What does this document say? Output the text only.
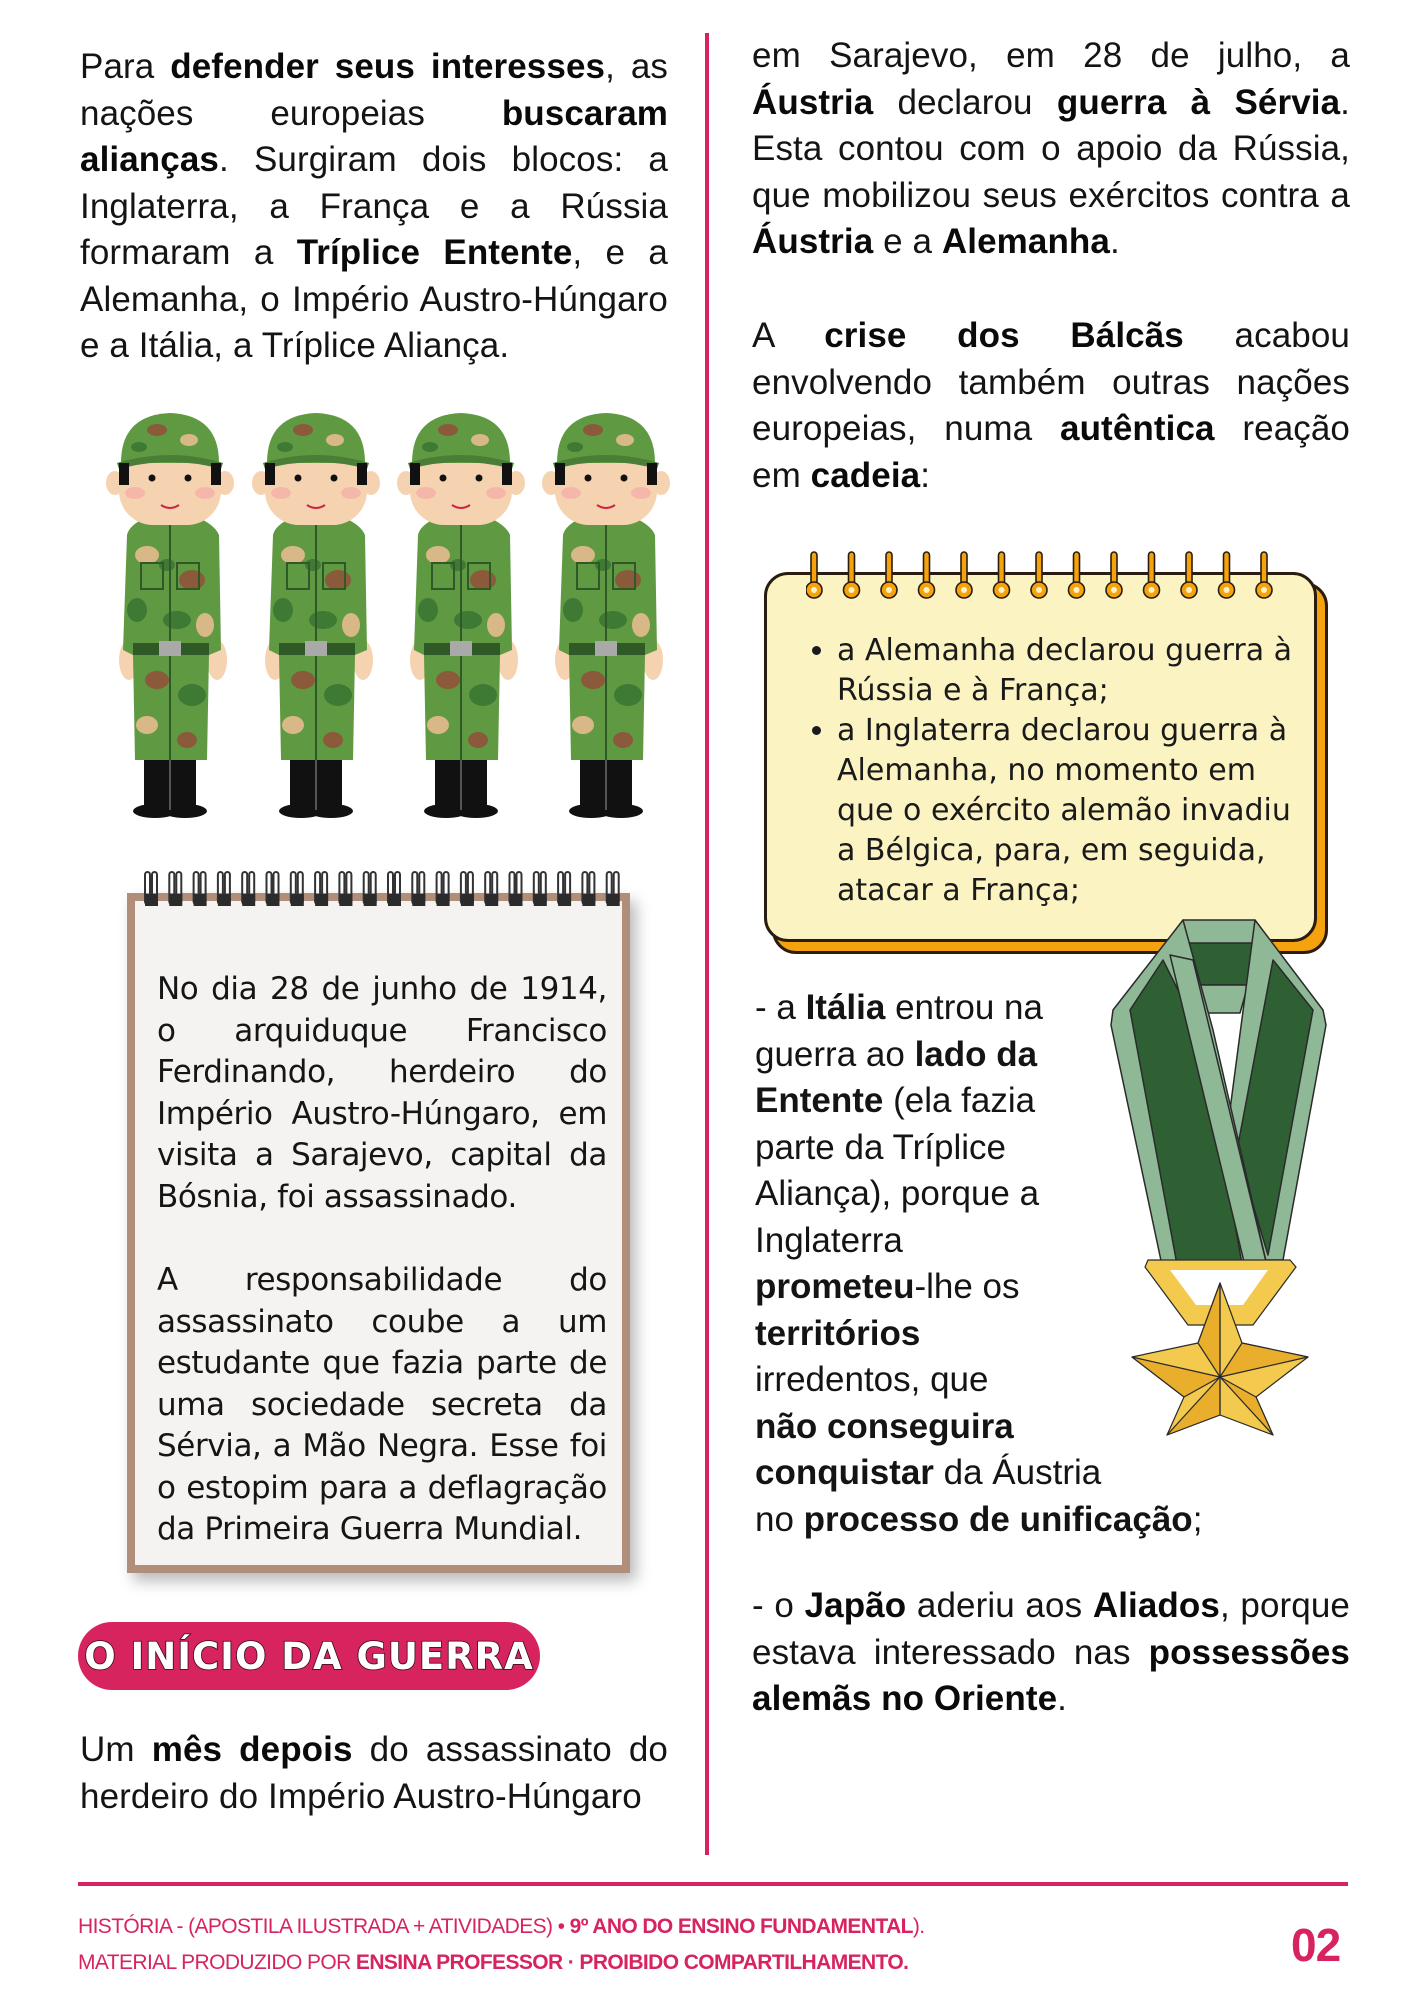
Para defender seus interesses, as nações europeias buscaram alianças. Surgiram dois blocos: a Inglaterra, a França e a Rússia formaram a Tríplice Entente, e a Alemanha, o Império Austro-Húngaro e a Itália, a Tríplice Aliança.

No dia 28 de junho de 1914, o arquiduque Francisco Ferdinando, herdeiro do Império Austro-Húngaro, em visita a Sarajevo, capital da Bósnia, foi assassinado.

A responsabilidade do assassinato coube a um estudante que fazia parte de uma sociedade secreta da Sérvia, a Mão Negra. Esse foi o estopim para a deflagração da Primeira Guerra Mundial.

O INÍCIO DA GUERRA
Um mês depois do assassinato do herdeiro do Império Austro-Húngaro
em Sarajevo, em 28 de julho, a Áustria declarou guerra à Sérvia. Esta contou com o apoio da Rússia, que mobilizou seus exércitos contra a Áustria e a Alemanha.
A crise dos Bálcãs acabou envolvendo também outras nações europeias, numa autêntica reação em cadeia:
• a Alemanha declarou guerra à Rússia e à França;
• a Inglaterra declarou guerra à Alemanha, no momento em que o exército alemão invadiu a Bélgica, para, em seguida, atacar a França;
- a Itália entrou na
guerra ao lado da
Entente (ela fazia
parte da Tríplice
Aliança), porque a
Inglaterra
prometeu-lhe os
territórios
irredentos, que
não conseguira
conquistar da Áustria
no processo de unificação;
- o Japão aderiu aos Aliados, porque estava interessado nas possessões alemãs no Oriente.
HISTÓRIA - (APOSTILA ILUSTRADA + ATIVIDADES) • 9º ANO DO ENSINO FUNDAMENTAL).
MATERIAL PRODUZIDO POR ENSINA PROFESSOR · PROIBIDO COMPARTILHAMENTO.	02
